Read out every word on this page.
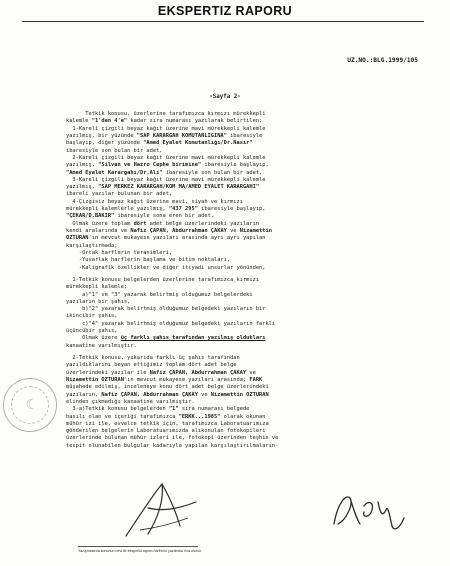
EKSPERTIZ RAPORU
UZ.NO.:BLG.1999/105
-Sayfa 2-
Tetkik konusu, üzerlerine tarafımızca kırmızı mürekkepli
kalemle "1'den 4'e" kadar sıra numarası yazılarak belirtilen;
1-Kareli çizgili beyaz kağıt üzerine mavi mürekkepli kalemle
yazılmış, bir yüzünde "SAP KARARGAH KOMUTANLIĞINA" ibaresiyle
başlayıp, diğer yüzünde "Amed Eyalet Komutanlığı/Dr.Nasır"
ibaresiyle son bulan bir adet,
2-Kareli çizgili beyaz kağıt üzerine mavi mürekkepli kalemle
yazılmış, "Silvan ve Hazro Cephe birimine" ibaresiyle başlayıp,
"Amed Eyalet Karargahı/Dr.Ali" ibaresiyle son bulan bir adet,
3-Kareli çizgili beyaz kağıt üzerine mavi mürekkepli kalemle
yazılmış, "SAP MERKEZ KARARGAH/KOM MA/AMED EYALET KARARGAHI"
ibareli yazılar bulunan bir adet,
4-Çizgisiz beyaz kağıt üzerine mavi, siyah ve kırmızı
mürekkepli kalemlerle yazılmış, "437 295" ibaresiyle başlayıp,
"ÇEKAR/D.BAKIR" ibaresiyle sona eren bir adet,
Olmak üzere toplam dört adet belge üzerlerindeki yazıların
kendi aralarında ve Nafiz ÇAPAN, Abdurrahman ÇAKAY ve Nizamettin
ÖZTURAN'ın mevcut mukayese yazıları arasında ayrı ayrı yapılan
karşılaştırmada;
-Ortak harflerin teranimleri,
-Yuvarlak harflerin başlama ve bitim noktaları,
-Kaligrafik özellikler ve diğer itiyadi unsurlar yönünden,
1-Tetkik konusu belgelerden üzerlerine tarafımızca kırmızı
mürekkepli kalemle;
a)"1" ve "3" yazarak belirtmiş olduğumuz belgelerdeki
yazıların bir şahıs,
b)"2" yazarak belirtmiş olduğumuz belgedeki yazıların bir
ikincibir şahıs,
c)"4" yazarak belirtmiş olduğumuz belgedeki yazıların farklı
üçüncübir şahıs,
Olmak üzere üç farklı şahıs tarafından yazılmış oldukları
kanaatine varılmıştır.
2-Tetkik konusu, yukarıda farklı üç şahıs tarafından
yazıldıklarını beyan ettiğimiz toplam dört adet belge
üzerlerindeki yazılar ile Nafiz ÇAPAN, Abdurrahman ÇAKAY ve
Nizamettin ÖZTURAN'ın mevcut mukayese yazıları arasında; FARK
müşahede edilmiş, inceleneye konu dört adet belge üzerlerindeki
yazıların, Nafiz ÇAPAN, Abdurrahman ÇAKAY ve Nizamettin ÖZTURAN
elinden çıkmadığı kanaatine varılmıştır.
3-a)Tetkik konusu belgelerden "1" sıra numarası belgede
basılı olan ve içeriği tarafımızca "ERKK...1985" olarak okunan
mühür izi ile, evvelce tetkik için, tarafımızca Laboratuarımıza
gönderilen belgelerin Laboratuarımızda alıkonulan fotokopileri
üzerlerinde bulunan mühür izleri ile, fotokopi üzerinden teşhis ve
tespit olunabilen bulgular kadarıyla yapılan karşılaştırılmaların-
☾
Yazışmalarda konunun nevi ile ekspertiz raporu tarihinin yazılması rica olunur.
